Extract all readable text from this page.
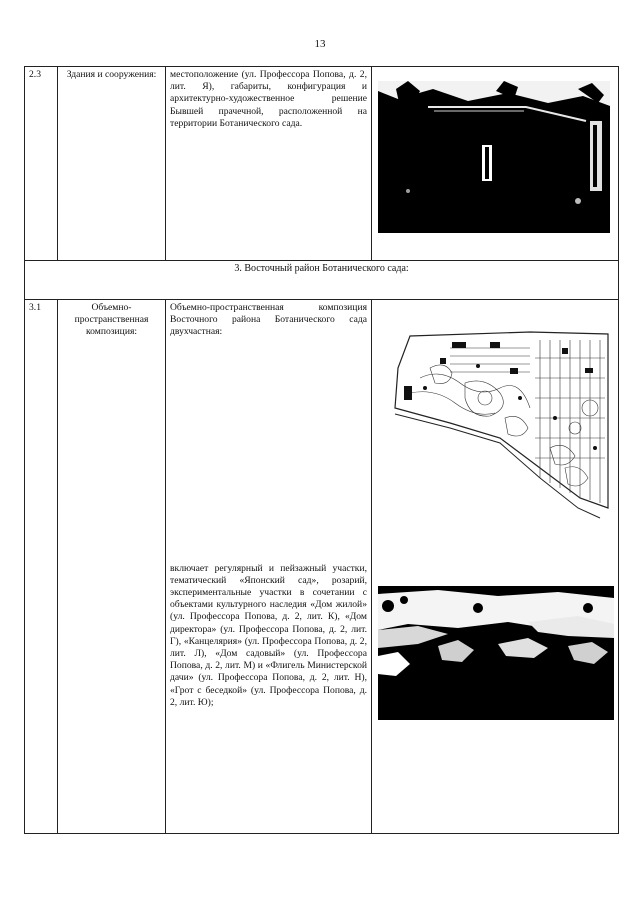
13
2.3	Здания и сооружения:	местоположение (ул. Профессора Попова, д. 2, лит. Я), габариты, конфигурация и архитектурно-художественное решение Бывшей прачечной, расположенной на территории Ботанического сада.	

3. Восточный район Ботанического сада:			
3.1	Объемно-пространственная композиция:	Объемно-пространственная композиция Восточного района Ботанического сада двухчастная:
включает регулярный и пейзажный участки, тематический «Японский сад», розарий, экспериментальные участки в сочетании с объектами культурного наследия «Дом жилой» (ул. Профессора Попова, д. 2, лит. К), «Дом директора» (ул. Профессора Попова, д. 2, лит. Г), «Канцелярия» (ул. Профессора Попова, д. 2, лит. Л), «Дом садовый» (ул. Профессора Попова, д. 2, лит. М) и «Флигель Министерской дачи» (ул. Профессора Попова, д. 2, лит. Н), «Грот с беседкой» (ул. Профессора Попова, д. 2, лит. Ю);
